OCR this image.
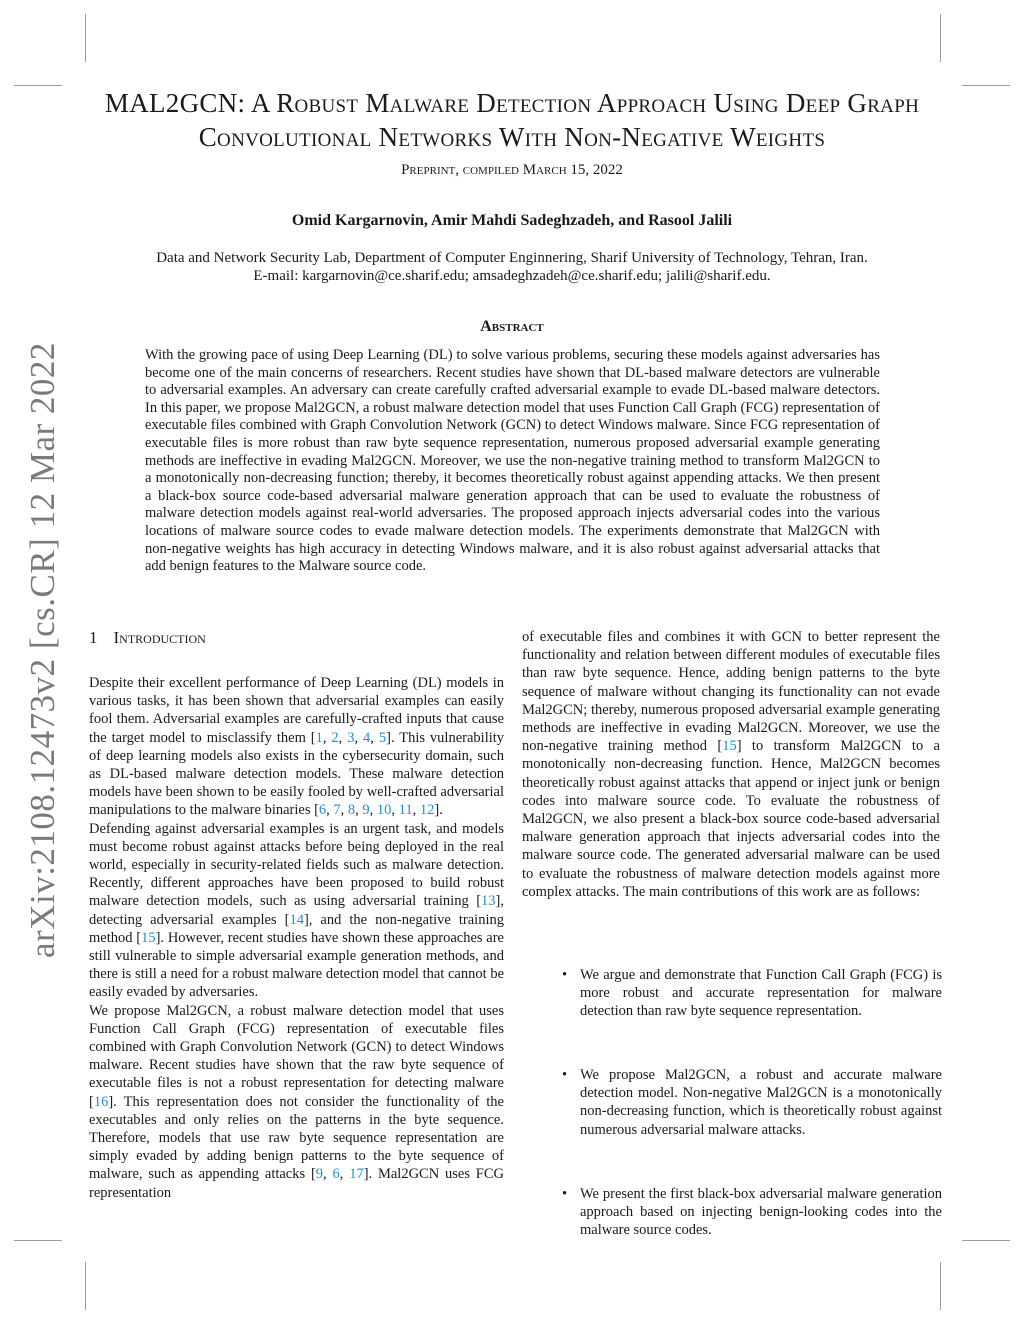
arXiv:2108.12473v2 [cs.CR] 12 Mar 2022
MAL2GCN: A Robust Malware Detection Approach Using Deep Graph
Convolutional Networks With Non-Negative Weights
Preprint, compiled March 15, 2022
Omid Kargarnovin, Amir Mahdi Sadeghzadeh, and Rasool Jalili
Data and Network Security Lab, Department of Computer Enginnering, Sharif University of Technology, Tehran, Iran.
E-mail: kargarnovin@ce.sharif.edu; amsadeghzadeh@ce.sharif.edu; jalili@sharif.edu.
Abstract
With the growing pace of using Deep Learning (DL) to solve various problems, securing these models against adversaries has become one of the main concerns of researchers. Recent studies have shown that DL-based malware detectors are vulnerable to adversarial examples. An adversary can create carefully crafted adversarial example to evade DL-based malware detectors. In this paper, we propose Mal2GCN, a robust malware detection model that uses Function Call Graph (FCG) representation of executable files combined with Graph Convolution Network (GCN) to detect Windows malware. Since FCG representation of executable files is more robust than raw byte sequence representation, numerous proposed adversarial example generating methods are ineffective in evading Mal2GCN. Moreover, we use the non-negative training method to transform Mal2GCN to a monotonically non-decreasing function; thereby, it becomes theoretically robust against appending attacks. We then present a black-box source code-based adversarial malware generation approach that can be used to evaluate the robustness of malware detection models against real-world adversaries. The proposed approach injects adversarial codes into the various locations of malware source codes to evade malware detection models. The experiments demonstrate that Mal2GCN with non-negative weights has high accuracy in detecting Windows malware, and it is also robust against adversarial attacks that add benign features to the Malware source code.
1 Introduction

Despite their excellent performance of Deep Learning (DL) models in various tasks, it has been shown that adversarial examples can easily fool them. Adversarial examples are carefully-crafted inputs that cause the target model to misclassify them [1, 2, 3, 4, 5]. This vulnerability of deep learning models also exists in the cybersecurity domain, such as DL-based malware detection models. These malware detection models have been shown to be easily fooled by well-crafted adversarial manipulations to the malware binaries [6, 7, 8, 9, 10, 11, 12].

Defending against adversarial examples is an urgent task, and models must become robust against attacks before being deployed in the real world, especially in security-related fields such as malware detection. Recently, different approaches have been proposed to build robust malware detection models, such as using adversarial training [13], detecting adversarial examples [14], and the non-negative training method [15]. However, recent studies have shown these approaches are still vulnerable to simple adversarial example generation methods, and there is still a need for a robust malware detection model that cannot be easily evaded by adversaries.

We propose Mal2GCN, a robust malware detection model that uses Function Call Graph (FCG) representation of executable files combined with Graph Convolution Network (GCN) to detect Windows malware. Recent studies have shown that the raw byte sequence of executable files is not a robust representation for detecting malware [16]. This representation does not consider the functionality of the executables and only relies on the patterns in the byte sequence. Therefore, models that use raw byte sequence representation are simply evaded by adding benign patterns to the byte sequence of malware, such as appending attacks [9, 6, 17]. Mal2GCN uses FCG representation

of executable files and combines it with GCN to better represent the functionality and relation between different modules of executable files than raw byte sequence. Hence, adding benign patterns to the byte sequence of malware without changing its functionality can not evade Mal2GCN; thereby, numerous proposed adversarial example generating methods are ineffective in evading Mal2GCN. Moreover, we use the non-negative training method [15] to transform Mal2GCN to a monotonically non-decreasing function. Hence, Mal2GCN becomes theoretically robust against attacks that append or inject junk or benign codes into malware source code. To evaluate the robustness of Mal2GCN, we also present a black-box source code-based adversarial malware generation approach that injects adversarial codes into the malware source code. The generated adversarial malware can be used to evaluate the robustness of malware detection models against more complex attacks. The main contributions of this work are as follows:

• We argue and demonstrate that Function Call Graph (FCG) is more robust and accurate representation for malware detection than raw byte sequence representation.
• We propose Mal2GCN, a robust and accurate malware detection model. Non-negative Mal2GCN is a monotonically non-decreasing function, which is theoretically robust against numerous adversarial malware attacks.
• We present the first black-box adversarial malware generation approach based on injecting benign-looking codes into the malware source codes.
